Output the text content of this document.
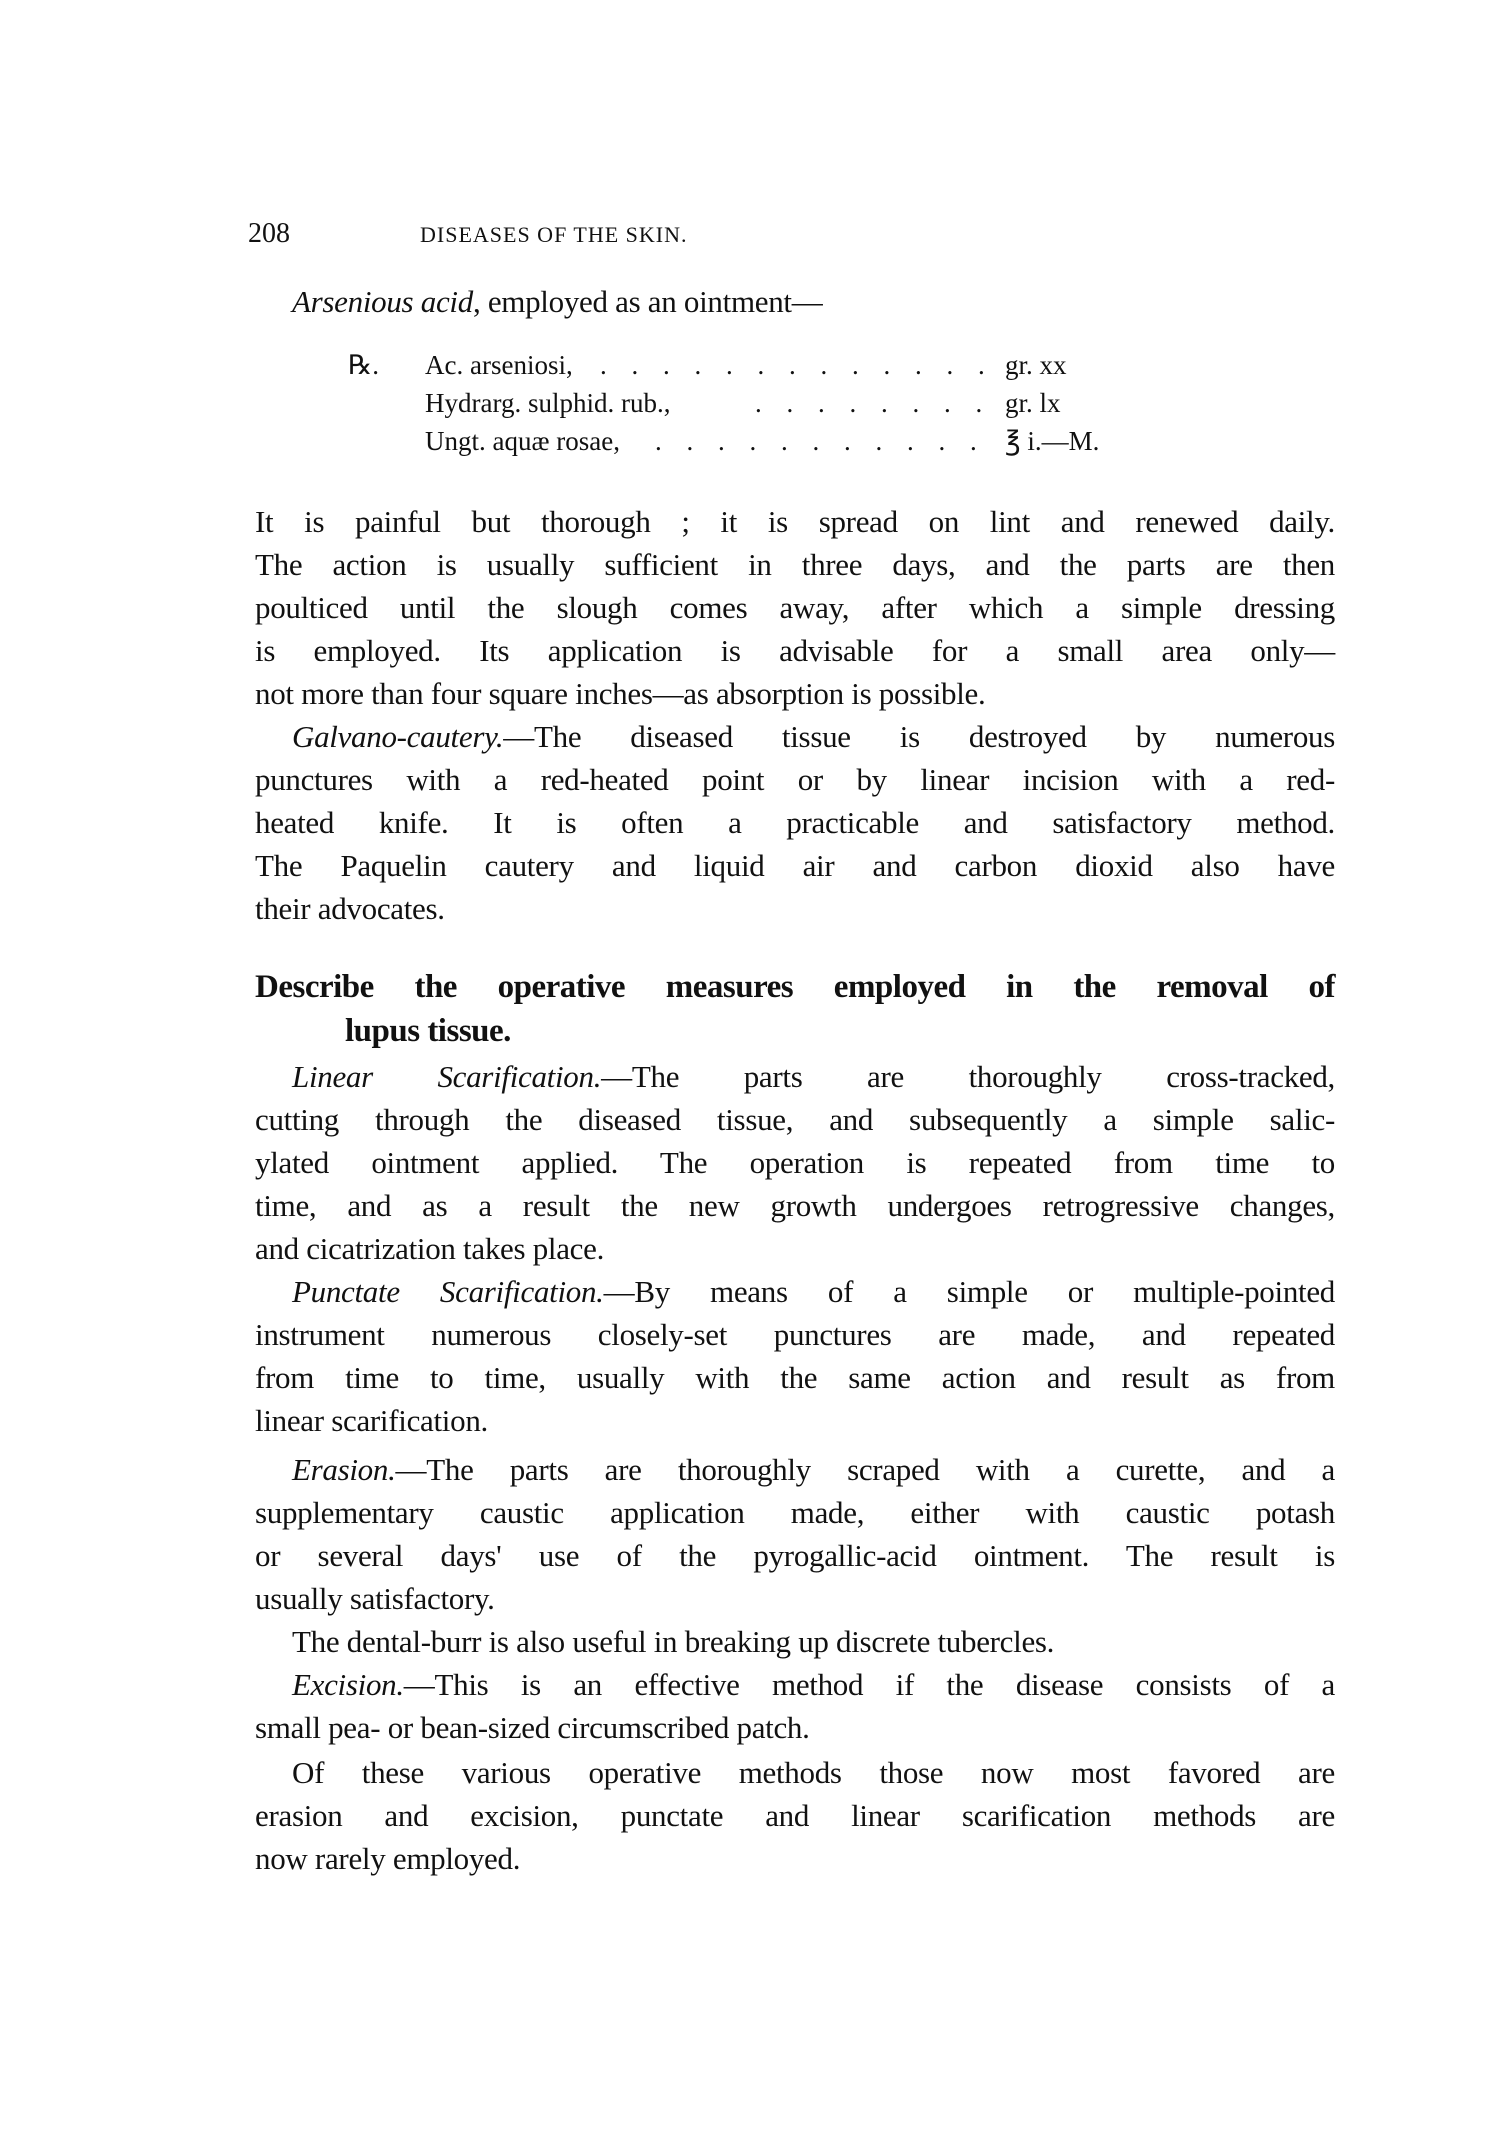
208	DISEASES OF THE SKIN.
Arsenious acid, employed as an ointment—
℞. Ac. arseniosi, . . . . . . . . . . . . . gr. xx
Hydrarg. sulphid. rub.,	. . . . . . . . gr. lx
Ungt. aquæ rosae, . . . . . . . . . . . ℥ i.—M.
It is painful but thorough ; it is spread on lint and renewed daily.
The action is usually sufficient in three days, and the parts are then
poulticed until the slough comes away, after which a simple dressing
is employed. Its application is advisable for a small area only—
not more than four square inches—as absorption is possible.
Galvano-cautery.—The diseased tissue is destroyed by numerous
punctures with a red-heated point or by linear incision with a red-
heated knife. It is often a practicable and satisfactory method.
The Paquelin cautery and liquid air and carbon dioxid also have
their advocates.
Describe the operative measures employed in the removal of
lupus tissue.
Linear Scarification.—The parts are thoroughly cross-tracked,
cutting through the diseased tissue, and subsequently a simple salic-
ylated ointment applied. The operation is repeated from time to
time, and as a result the new growth undergoes retrogressive changes,
and cicatrization takes place.
Punctate Scarification.—By means of a simple or multiple-pointed
instrument numerous closely-set punctures are made, and repeated
from time to time, usually with the same action and result as from
linear scarification.
Erasion.—The parts are thoroughly scraped with a curette, and a
supplementary caustic application made, either with caustic potash
or several days' use of the pyrogallic-acid ointment. The result is
usually satisfactory.
The dental-burr is also useful in breaking up discrete tubercles.
Excision.—This is an effective method if the disease consists of a
small pea- or bean-sized circumscribed patch.
Of these various operative methods those now most favored are
erasion and excision, punctate and linear scarification methods are
now rarely employed.
